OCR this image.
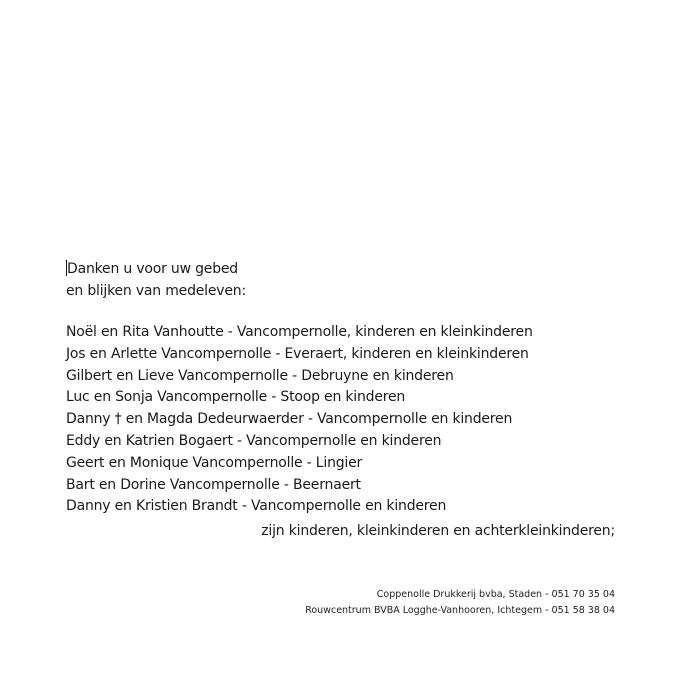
Danken u voor uw gebed
en blijken van medeleven:
Noël en Rita Vanhoutte - Vancompernolle, kinderen en kleinkinderen
Jos en Arlette Vancompernolle - Everaert, kinderen en kleinkinderen
Gilbert en Lieve Vancompernolle - Debruyne en kinderen
Luc en Sonja Vancompernolle - Stoop en kinderen
Danny † en Magda Dedeurwaerder - Vancompernolle en kinderen
Eddy en Katrien Bogaert - Vancompernolle en kinderen
Geert en Monique Vancompernolle - Lingier
Bart en Dorine Vancompernolle - Beernaert
Danny en Kristien Brandt - Vancompernolle en kinderen
zijn kinderen, kleinkinderen en achterkleinkinderen;
Coppenolle Drukkerij bvba, Staden - 051 70 35 04
Rouwcentrum BVBA Logghe-Vanhooren, Ichtegem - 051 58 38 04
